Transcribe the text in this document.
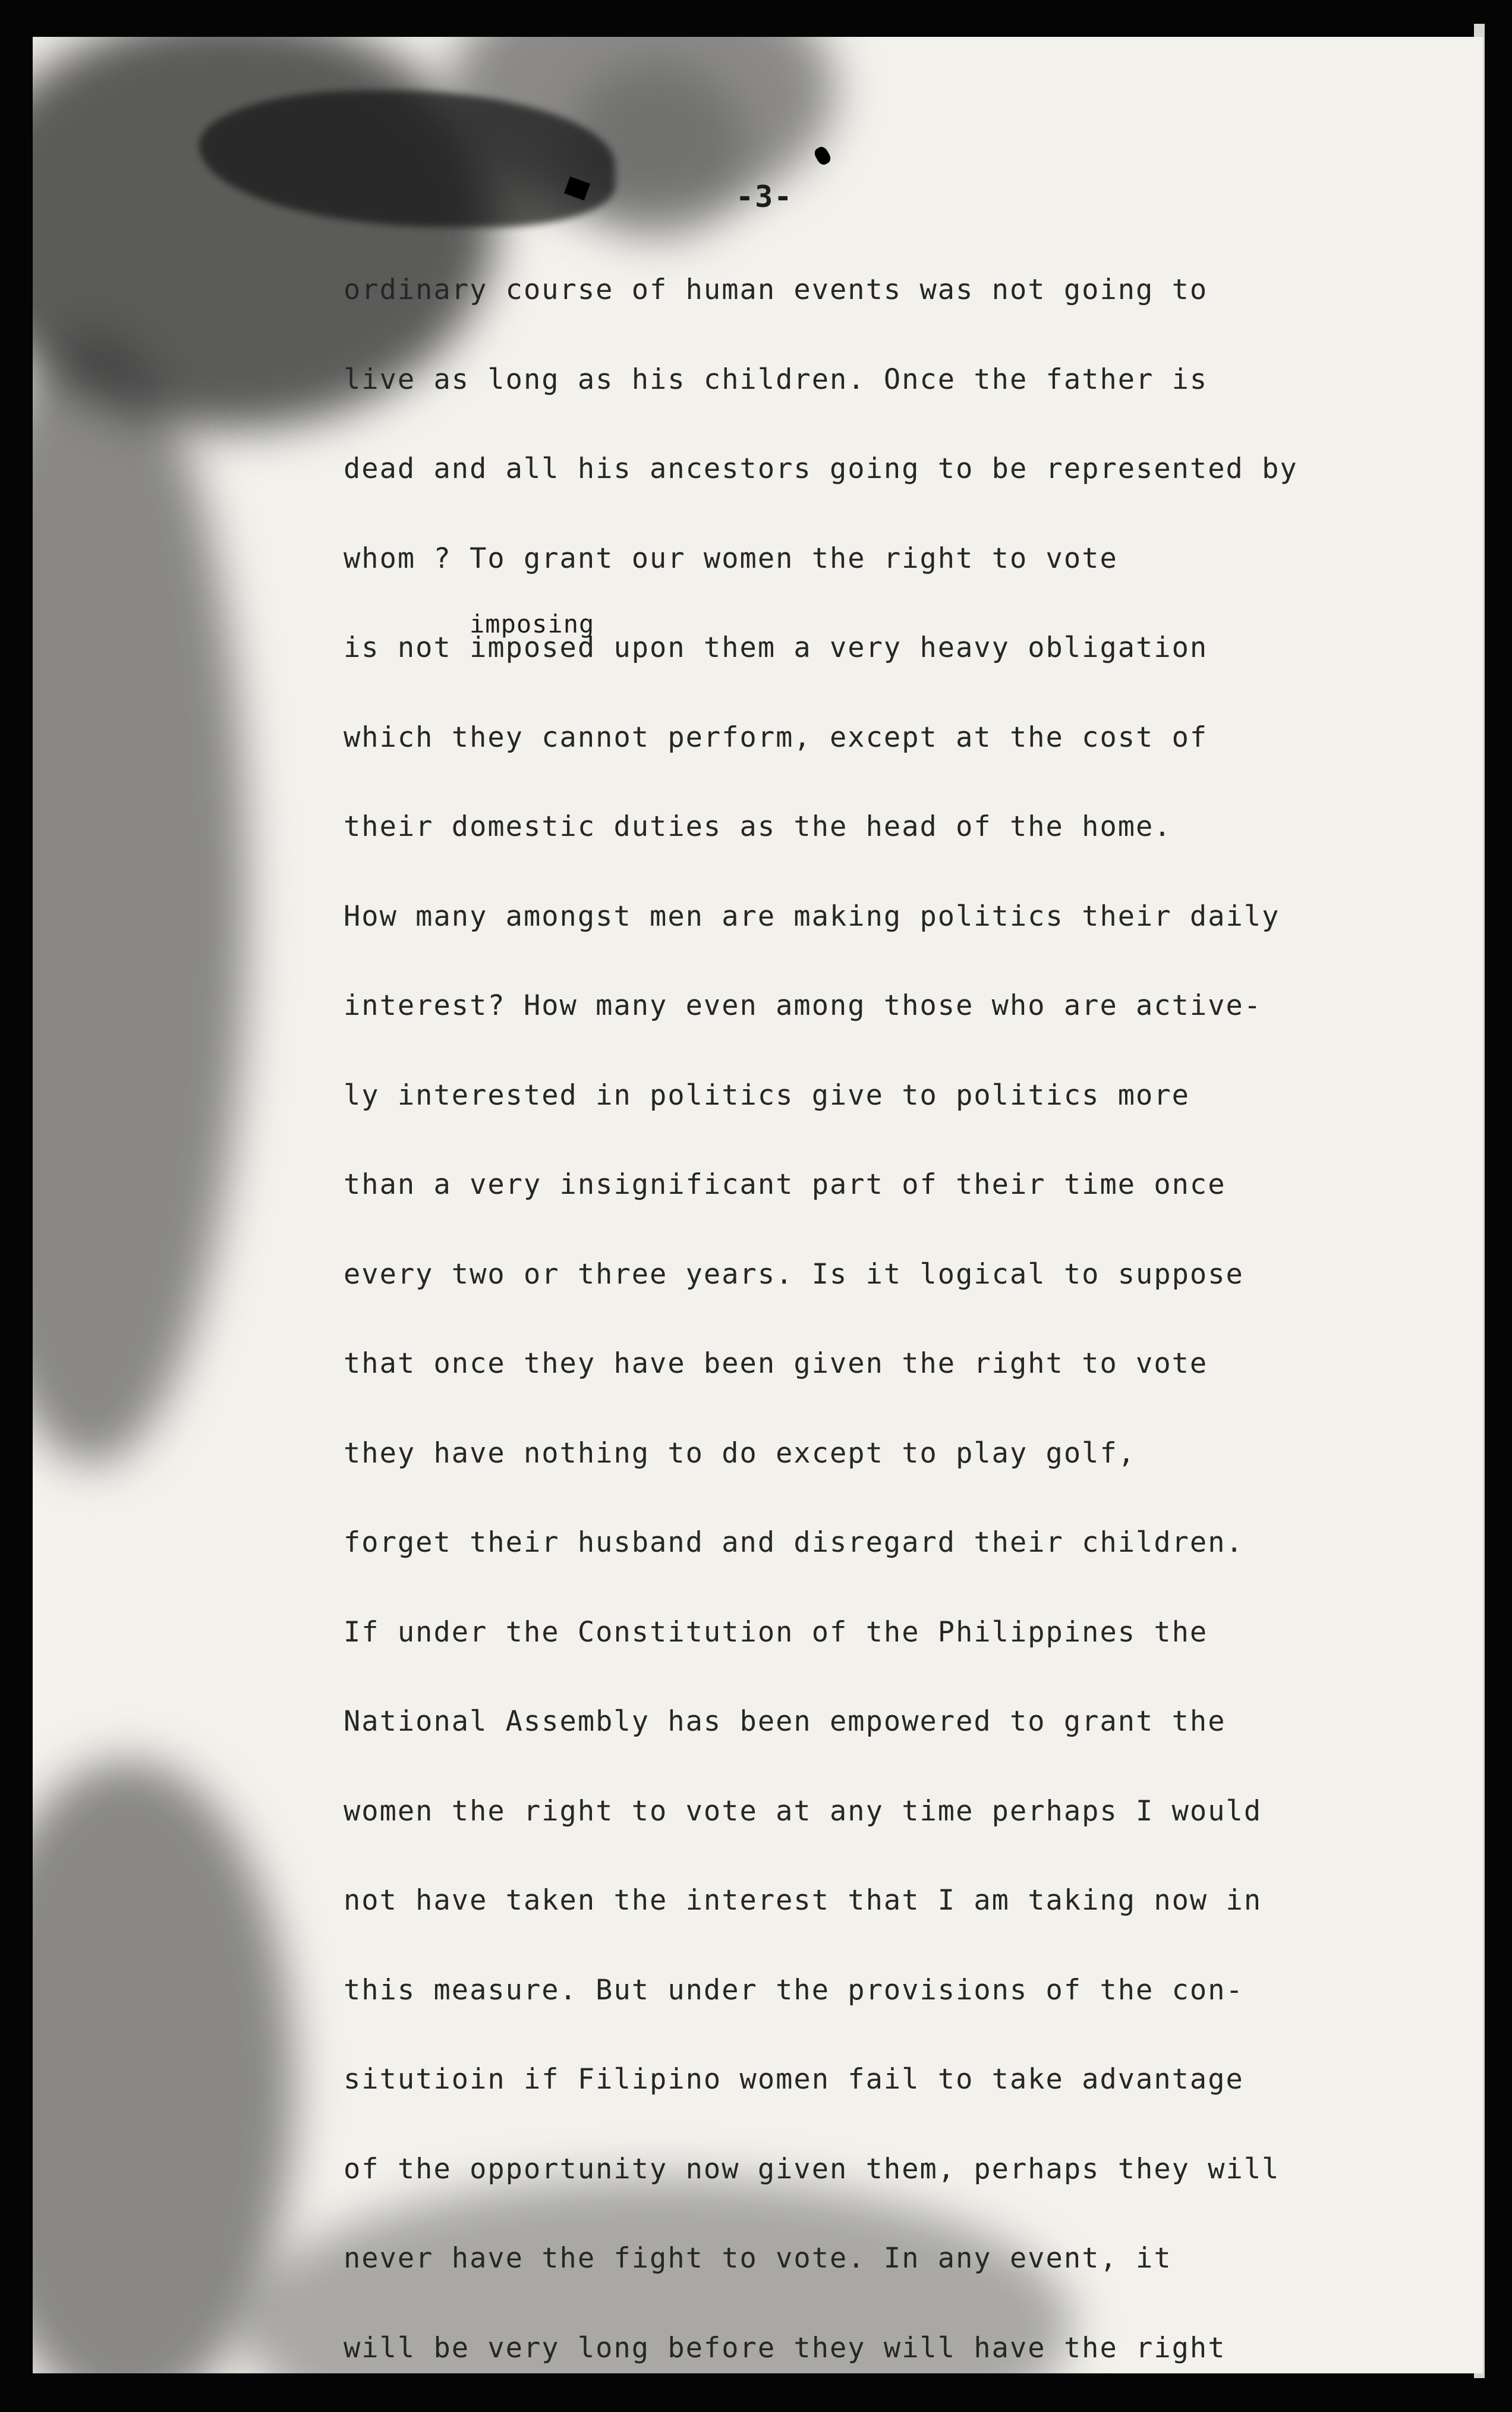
-3-
imposing
ordinary course of human events was not going to
live as long as his children. Once the father is
dead and all his ancestors going to be represented by
whom ? To grant our women the right to vote
is not imposed upon them a very heavy obligation
which they cannot perform, except at the cost of
their domestic duties as the head of the home.
How many amongst men are making politics their daily
interest? How many even among those who are active-
ly interested in politics give to politics more
than a very insignificant part of their time once
every two or three years. Is it logical to suppose
that once they have been given the right to vote
they have nothing to do except to play golf,
forget their husband and disregard their children.
If under the Constitution of the Philippines the
National Assembly has been empowered to grant the
women the right to vote at any time perhaps I would
not have taken the interest that I am taking now in
this measure. But under the provisions of the con-
situtioin if Filipino women fail to take advantage
of the opportunity now given them, perhaps they will
never have the fight to vote. In any event, it
will be very long before they will have the right
